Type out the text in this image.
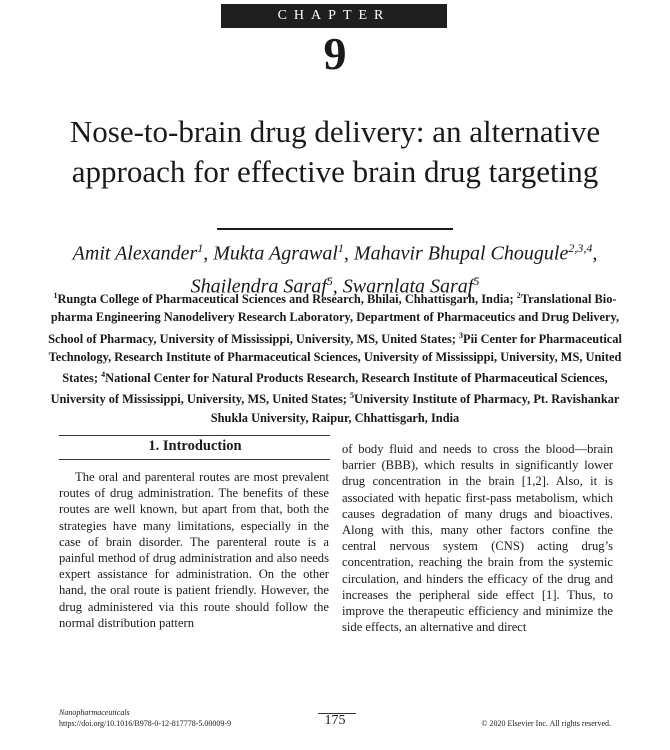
CHAPTER
9
Nose-to-brain drug delivery: an alternative approach for effective brain drug targeting
Amit Alexander$^1$, Mukta Agrawal$^1$, Mahavir Bhupal Chougule$^{2,3,4}$,
Shailendra Saraf$^5$, Swarnlata Saraf$^5$
$^1$Rungta College of Pharmaceutical Sciences and Research, Bhilai, Chhattisgarh, India; $^2$Translational Bio-pharma Engineering Nanodelivery Research Laboratory, Department of Pharmaceutics and Drug Delivery, School of Pharmacy, University of Mississippi, University, MS, United States; $^3$Pii Center for Pharmaceutical Technology, Research Institute of Pharmaceutical Sciences, University of Mississippi, University, MS, United States; $^4$National Center for Natural Products Research, Research Institute of Pharmaceutical Sciences, University of Mississippi, University, MS, United States; $^5$University Institute of Pharmacy, Pt. Ravishankar Shukla University, Raipur, Chhattisgarh, India
1. Introduction

The oral and parenteral routes are most prevalent routes of drug administration. The benefits of these routes are well known, but apart from that, both the strategies have many limitations, especially in the case of brain disorder. The parenteral route is a painful method of drug administration and also needs expert assistance for administration. On the other hand, the oral route is patient friendly. However, the drug administered via this route should follow the normal distribution pattern

of body fluid and needs to cross the blood—brain barrier (BBB), which results in significantly lower drug concentration in the brain [1,2]. Also, it is associated with hepatic first-pass metabolism, which causes degradation of many drugs and bioactives. Along with this, many other factors confine the central nervous system (CNS) acting drug’s concentration, reaching the brain from the systemic circulation, and hinders the efficacy of the drug and increases the peripheral side effect [1]. Thus, to improve the therapeutic efficiency and minimize the side effects, an alternative and direct

Nanopharmaceuticals
https://doi.org/10.1016/B978-0-12-817778-5.00009-9	175	© 2020 Elsevier Inc. All rights reserved.
